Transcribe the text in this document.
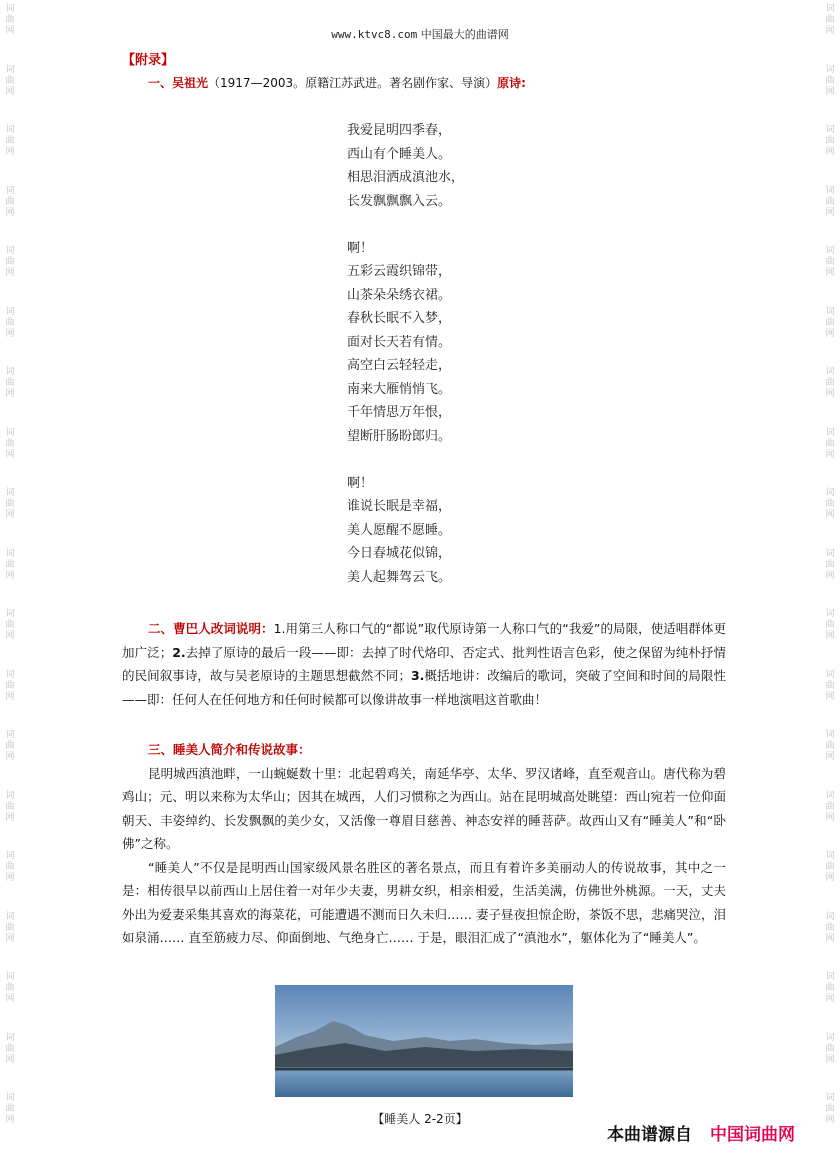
词
曲
网
词
曲
网
词
曲
网
词
曲
网
词
曲
网
词
曲
网
词
曲
网
词
曲
网
词
曲
网
词
曲
网
词
曲
网
词
曲
网
词
曲
网
词
曲
网
词
曲
网
词
曲
网
词
曲
网
词
曲
网
词
曲
网
词
曲
网
词
曲
网
词
曲
网
词
曲
网
词
曲
网
词
曲
网
词
曲
网
词
曲
网
词
曲
网
词
曲
网
词
曲
网
词
曲
网
词
曲
网
词
曲
网
词
曲
网
词
曲
网
词
曲
网
词
曲
网
词
曲
网
www.ktvc8.com 中国最大的曲谱网
【附录】
一、吴祖光（1917—2003。原籍江苏武进。著名剧作家、导演）原诗:
我爱昆明四季春，
西山有个睡美人。
相思泪洒成滇池水，
长发飘飘飘入云。
啊！
五彩云霞织锦带，
山茶朵朵绣衣裙。
春秋长眠不入梦，
面对长天若有情。
高空白云轻轻走，
南来大雁悄悄飞。
千年情思万年恨，
望断肝肠盼郎归。
啊！
谁说长眠是幸福，
美人愿醒不愿睡。
今日春城花似锦，
美人起舞驾云飞。
二、曹巴人改词说明：1.用第三人称口气的“都说”取代原诗第一人称口气的“我爱”的局限，使适唱群体更加广泛；2.去掉了原诗的最后一段——即：去掉了时代烙印、否定式、批判性语言色彩，使之保留为纯朴抒情的民间叙事诗，故与吴老原诗的主题思想截然不同；3.概括地讲：改编后的歌词，突破了空间和时间的局限性——即：任何人在任何地方和任何时候都可以像讲故事一样地演唱这首歌曲！
三、睡美人简介和传说故事：
昆明城西滇池畔，一山蜿蜒数十里：北起碧鸡关，南延华亭、太华、罗汉诸峰，直至观音山。唐代称为碧鸡山；元、明以来称为太华山；因其在城西，人们习惯称之为西山。站在昆明城高处眺望：西山宛若一位仰面朝天、丰姿绰约、长发飘飘的美少女，又活像一尊眉目慈善、神态安祥的睡菩萨。故西山又有“睡美人”和“卧佛”之称。
“睡美人”不仅是昆明西山国家级风景名胜区的著名景点，而且有着许多美丽动人的传说故事，其中之一是：相传很早以前西山上居住着一对年少夫妻，男耕女织，相亲相爱，生活美满，仿佛世外桃源。一天，丈夫外出为爱妻采集其喜欢的海菜花，可能遭遇不测而日久未归…… 妻子昼夜担惊企盼，茶饭不思，悲痛哭泣，泪如泉涌…… 直至筋疲力尽、仰面倒地、气绝身亡…… 于是，眼泪汇成了“滇池水”，躯体化为了“睡美人”。
【睡美人 2-2页】
本曲谱源自 中国词曲网
